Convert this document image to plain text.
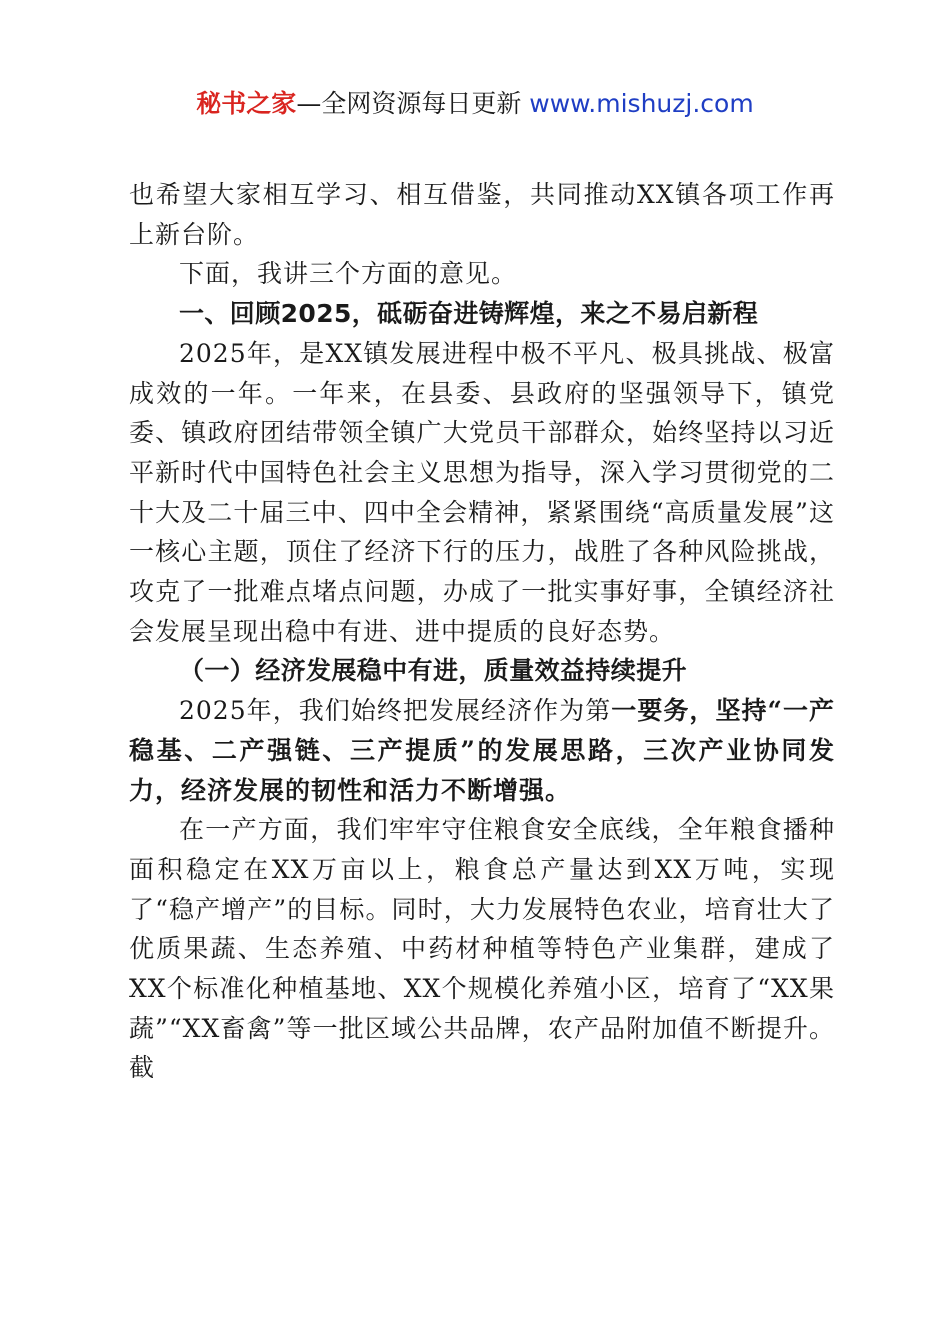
秘书之家—全网资源每日更新 www.mishuzj.com

也希望大家相互学习、相互借鉴，共同推动XX镇各项工作再上新台阶。

下面，我讲三个方面的意见。

一、回顾2025，砥砺奋进铸辉煌，来之不易启新程

2025年，是XX镇发展进程中极不平凡、极具挑战、极富成效的一年。一年来，在县委、县政府的坚强领导下，镇党委、镇政府团结带领全镇广大党员干部群众，始终坚持以习近平新时代中国特色社会主义思想为指导，深入学习贯彻党的二十大及二十届三中、四中全会精神，紧紧围绕“高质量发展”这一核心主题，顶住了经济下行的压力，战胜了各种风险挑战，攻克了一批难点堵点问题，办成了一批实事好事，全镇经济社会发展呈现出稳中有进、进中提质的良好态势。

（一）经济发展稳中有进，质量效益持续提升

2025年，我们始终把发展经济作为第一要务，坚持“一产稳基、二产强链、三产提质”的发展思路，三次产业协同发力，经济发展的韧性和活力不断增强。

在一产方面，我们牢牢守住粮食安全底线，全年粮食播种面积稳定在XX万亩以上，粮食总产量达到XX万吨，实现了“稳产增产”的目标。同时，大力发展特色农业，培育壮大了优质果蔬、生态养殖、中药材种植等特色产业集群，建成了XX个标准化种植基地、XX个规模化养殖小区，培育了“XX果蔬”“XX畜禽”等一批区域公共品牌，农产品附加值不断提升。截
